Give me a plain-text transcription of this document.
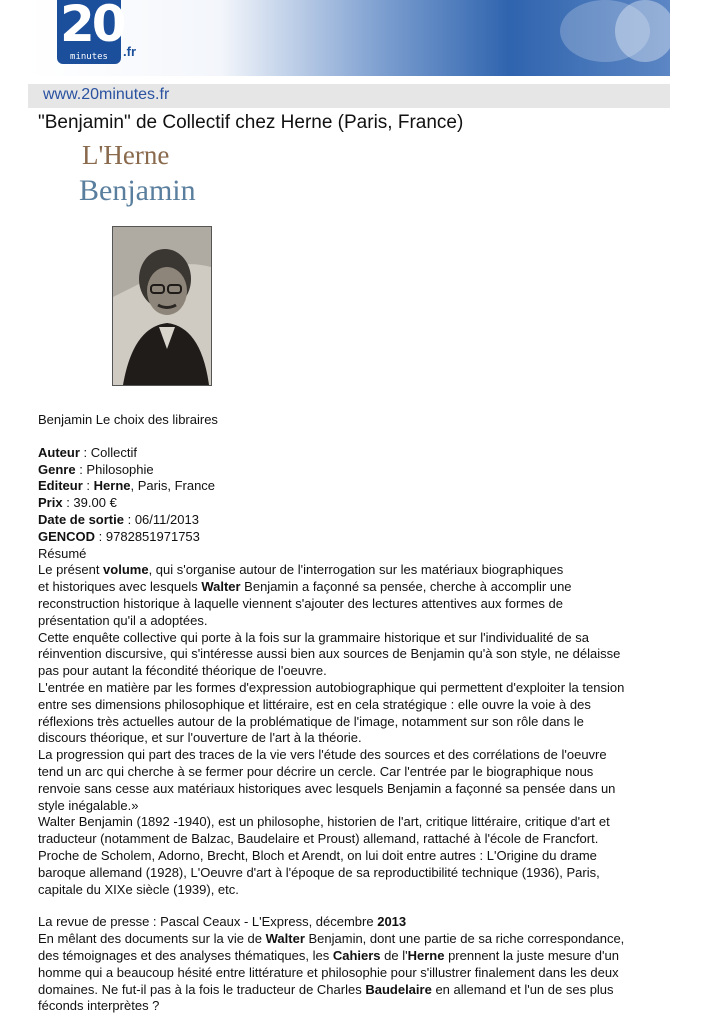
20
minutes	.fr
www.20minutes.fr
"Benjamin" de Collectif chez Herne (Paris, France)
L'Herne
Benjamin

Benjamin Le choix des libraires

Auteur : Collectif
Genre : Philosophie
Editeur : Herne, Paris, France
Prix : 39.00 €
Date de sortie : 06/11/2013
GENCOD : 9782851971753
Résumé

Le présent volume, qui s'organise autour de l'interrogation sur les matériaux biographiques
et historiques avec lesquels Walter Benjamin a façonné sa pensée, cherche à accomplir une
reconstruction historique à laquelle viennent s'ajouter des lectures attentives aux formes de
présentation qu'il a adoptées.

Cette enquête collective qui porte à la fois sur la grammaire historique et sur l'individualité de sa
réinvention discursive, qui s'intéresse aussi bien aux sources de Benjamin qu'à son style, ne délaisse
pas pour autant la fécondité théorique de l'oeuvre.

L'entrée en matière par les formes d'expression autobiographique qui permettent d'exploiter la tension
entre ses dimensions philosophique et littéraire, est en cela stratégique : elle ouvre la voie à des
réflexions très actuelles autour de la problématique de l'image, notamment sur son rôle dans le
discours théorique, et sur l'ouverture de l'art à la théorie.

La progression qui part des traces de la vie vers l'étude des sources et des corrélations de l'oeuvre
tend un arc qui cherche à se fermer pour décrire un cercle. Car l'entrée par le biographique nous
renvoie sans cesse aux matériaux historiques avec lesquels Benjamin a façonné sa pensée dans un
style inégalable.»

Walter Benjamin (1892 -1940), est un philosophe, historien de l'art, critique littéraire, critique d'art et
traducteur (notamment de Balzac, Baudelaire et Proust) allemand, rattaché à l'école de Francfort.
Proche de Scholem, Adorno, Brecht, Bloch et Arendt, on lui doit entre autres : L'Origine du drame
baroque allemand (1928), L'Oeuvre d'art à l'époque de sa reproductibilité technique (1936), Paris,
capitale du XIXe siècle (1939), etc.

La revue de presse : Pascal Ceaux - L'Express, décembre 2013
En mêlant des documents sur la vie de Walter Benjamin, dont une partie de sa riche correspondance,
des témoignages et des analyses thématiques, les Cahiers de l'Herne prennent la juste mesure d'un
homme qui a beaucoup hésité entre littérature et philosophie pour s'illustrer finalement dans les deux
domaines. Ne fut-il pas à la fois le traducteur de Charles Baudelaire en allemand et l'un de ses plus
féconds interprètes ?
